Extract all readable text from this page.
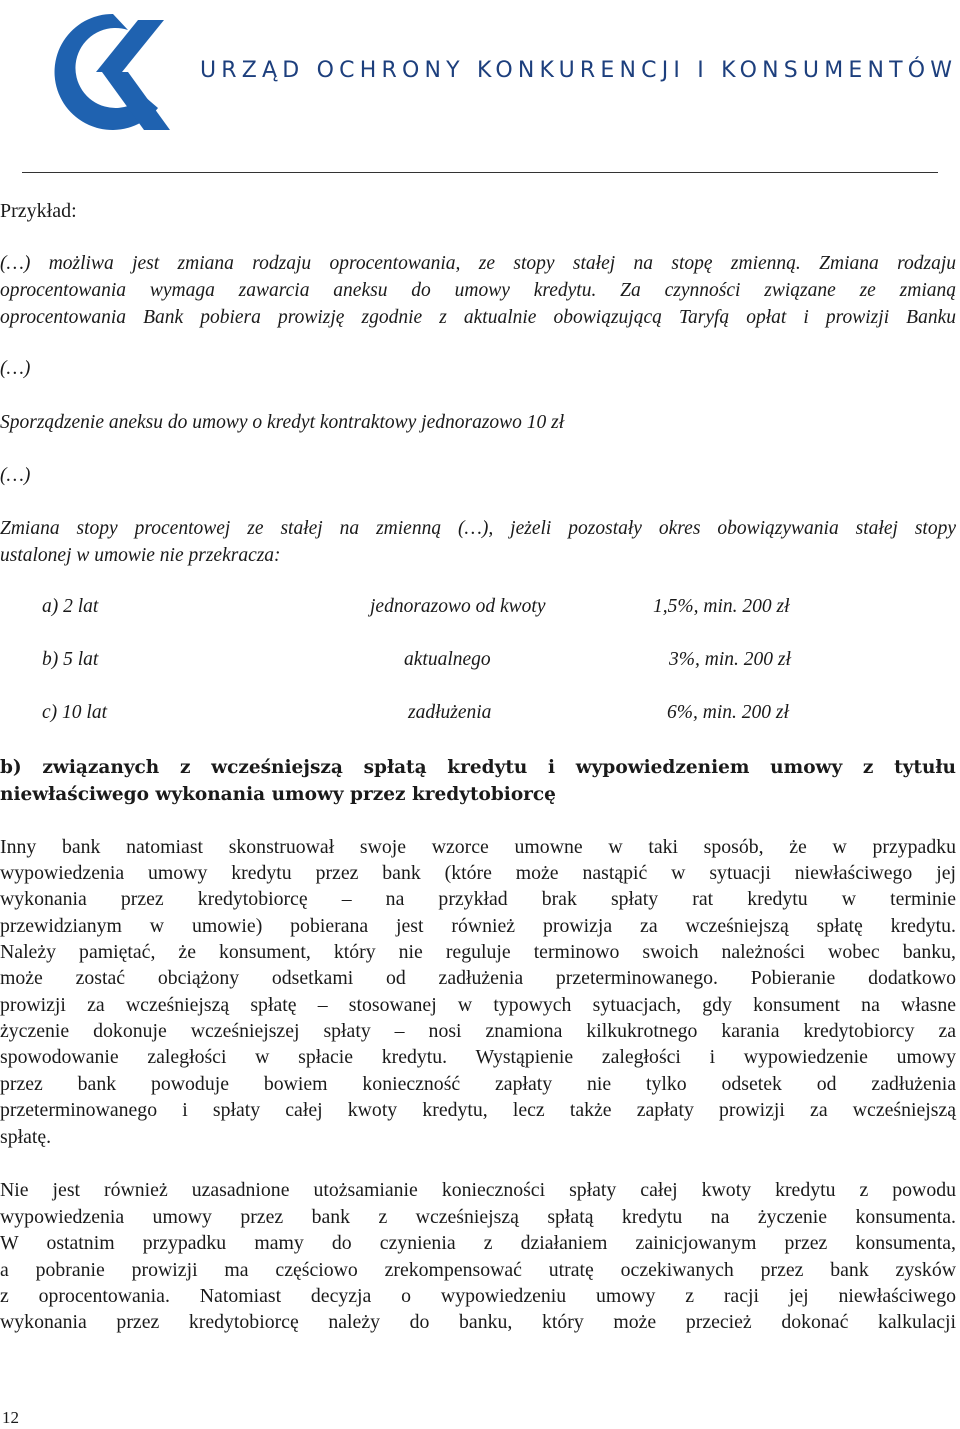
URZĄD OCHRONY KONKURENCJI I KONSUMENTÓW
Przykład:
(…) możliwa jest zmiana rodzaju oprocentowania, ze stopy stałej na stopę zmienną. Zmiana rodzaju
oprocentowania wymaga zawarcia aneksu do umowy kredytu. Za czynności związane ze zmianą
oprocentowania Bank pobiera prowizję zgodnie z aktualnie obowiązującą Taryfą opłat i prowizji Banku
(…)
Sporządzenie aneksu do umowy o kredyt kontraktowy jednorazowo 10 zł
(…)
Zmiana stopy procentowej ze stałej na zmienną (…), jeżeli pozostały okres obowiązywania stałej stopy
ustalonej w umowie nie przekracza:
a) 2 lat	jednorazowo od kwoty	1,5%, min. 200 zł
b) 5 lat	aktualnego	3%, min. 200 zł
c) 10 lat	zadłużenia	6%, min. 200 zł
b) związanych z wcześniejszą spłatą kredytu i wypowiedzeniem umowy z tytułu
niewłaściwego wykonania umowy przez kredytobiorcę
Inny bank natomiast skonstruował swoje wzorce umowne w taki sposób, że w przypadku
wypowiedzenia umowy kredytu przez bank (które może nastąpić w sytuacji niewłaściwego jej
wykonania przez kredytobiorcę – na przykład brak spłaty rat kredytu w terminie
przewidzianym w umowie) pobierana jest również prowizja za wcześniejszą spłatę kredytu.
Należy pamiętać, że konsument, który nie reguluje terminowo swoich należności wobec banku,
może zostać obciążony odsetkami od zadłużenia przeterminowanego. Pobieranie dodatkowo
prowizji za wcześniejszą spłatę – stosowanej w typowych sytuacjach, gdy konsument na własne
życzenie dokonuje wcześniejszej spłaty – nosi znamiona kilkukrotnego karania kredytobiorcy za
spowodowanie zaległości w spłacie kredytu. Wystąpienie zaległości i wypowiedzenie umowy
przez bank powoduje bowiem konieczność zapłaty nie tylko odsetek od zadłużenia
przeterminowanego i spłaty całej kwoty kredytu, lecz także zapłaty prowizji za wcześniejszą
spłatę.
Nie jest również uzasadnione utożsamianie konieczności spłaty całej kwoty kredytu z powodu
wypowiedzenia umowy przez bank z wcześniejszą spłatą kredytu na życzenie konsumenta.
W ostatnim przypadku mamy do czynienia z działaniem zainicjowanym przez konsumenta,
a pobranie prowizji ma częściowo zrekompensować utratę oczekiwanych przez bank zysków
z oprocentowania. Natomiast decyzja o wypowiedzeniu umowy z racji jej niewłaściwego
wykonania przez kredytobiorcę należy do banku, który może przecież dokonać kalkulacji
12
